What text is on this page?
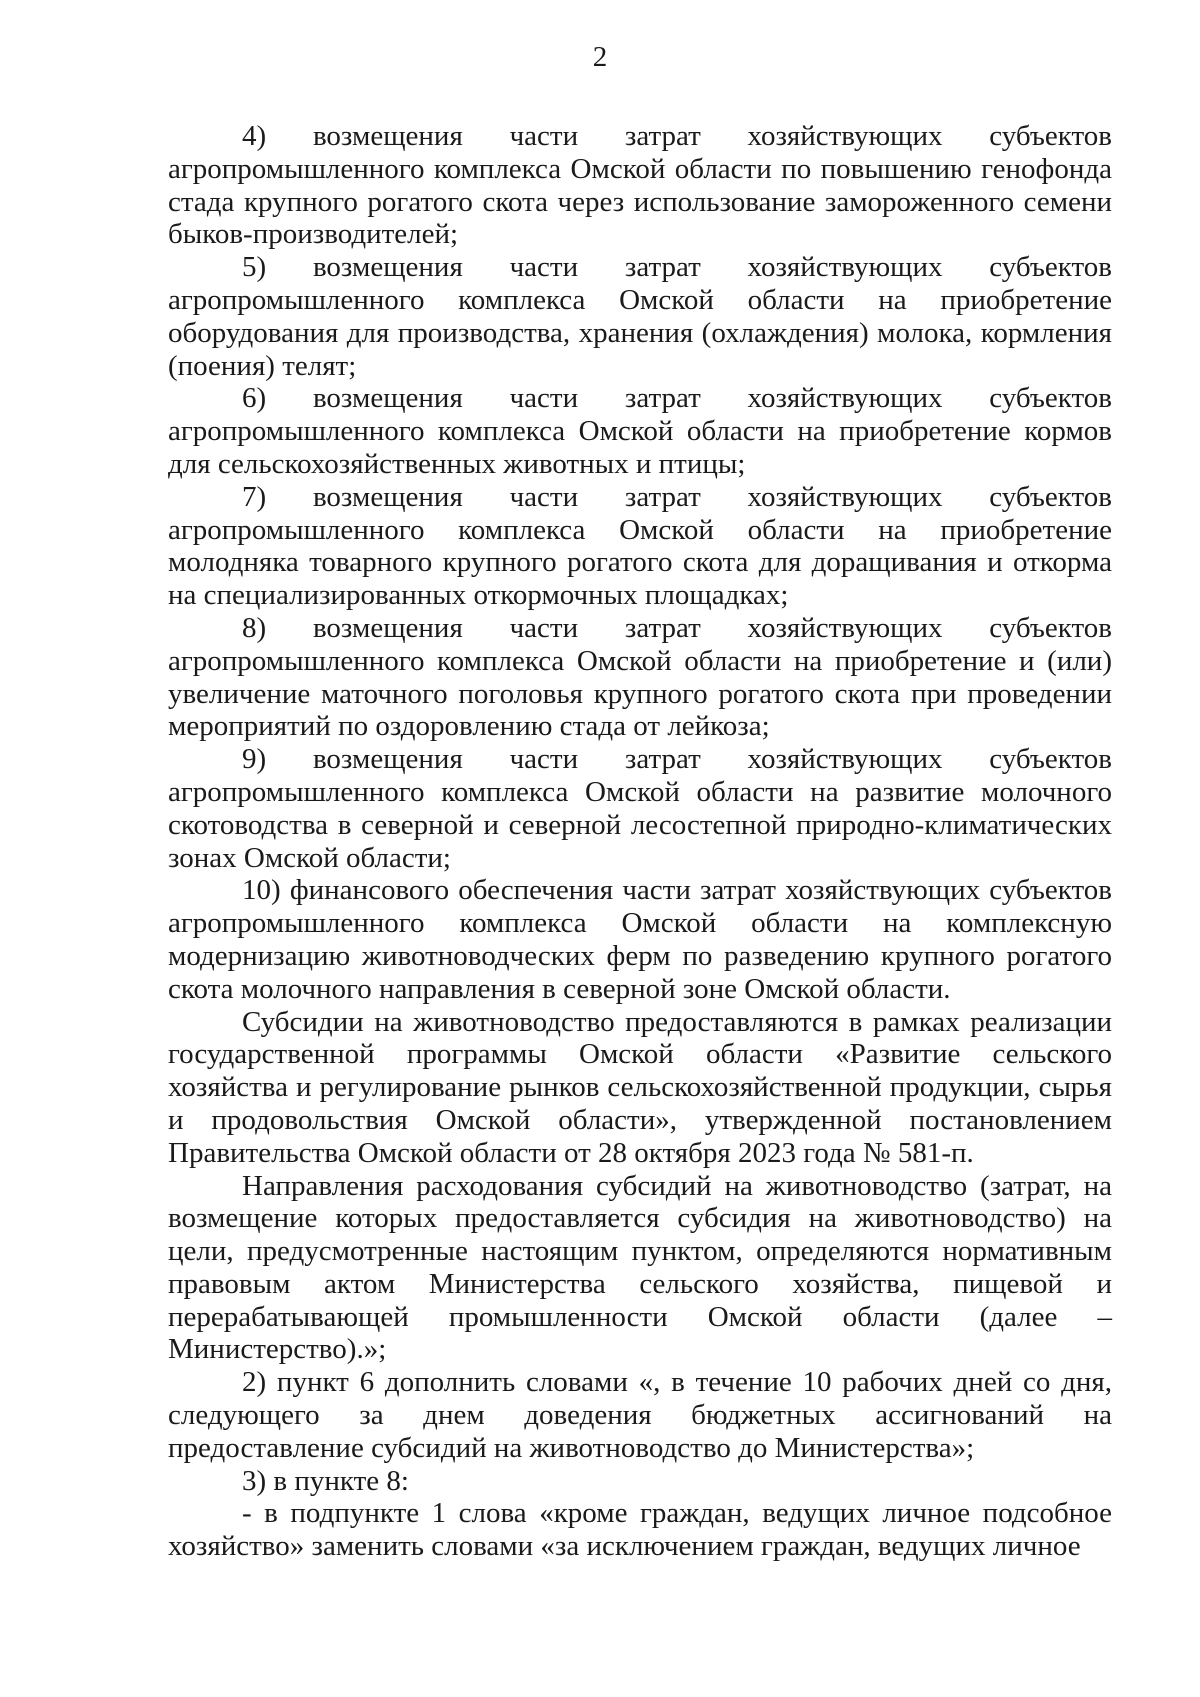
2

4) возмещения части затрат хозяйствующих субъектов агропромышленного комплекса Омской области по повышению генофонда стада крупного рогатого скота через использование замороженного семени быков-производителей;

5) возмещения части затрат хозяйствующих субъектов агропромышленного комплекса Омской области на приобретение оборудования для производства, хранения (охлаждения) молока, кормления (поения) телят;

6) возмещения части затрат хозяйствующих субъектов агропромышленного комплекса Омской области на приобретение кормов для сельскохозяйственных животных и птицы;

7) возмещения части затрат хозяйствующих субъектов агропромышленного комплекса Омской области на приобретение молодняка товарного крупного рогатого скота для доращивания и откорма на специализированных откормочных площадках;

8) возмещения части затрат хозяйствующих субъектов агропромышленного комплекса Омской области на приобретение и (или) увеличение маточного поголовья крупного рогатого скота при проведении мероприятий по оздоровлению стада от лейкоза;

9) возмещения части затрат хозяйствующих субъектов агропромышленного комплекса Омской области на развитие молочного скотоводства в северной и северной лесостепной природно-климатических зонах Омской области;

10) финансового обеспечения части затрат хозяйствующих субъектов агропромышленного комплекса Омской области на комплексную модернизацию животноводческих ферм по разведению крупного рогатого скота молочного направления в северной зоне Омской области.

Субсидии на животноводство предоставляются в рамках реализации государственной программы Омской области «Развитие сельского хозяйства и регулирование рынков сельскохозяйственной продукции, сырья и продовольствия Омской области», утвержденной постановлением Правительства Омской области от 28 октября 2023 года № 581-п.

Направления расходования субсидий на животноводство (затрат, на возмещение которых предоставляется субсидия на животноводство) на цели, предусмотренные настоящим пунктом, определяются нормативным правовым актом Министерства сельского хозяйства, пищевой и перерабатывающей промышленности Омской области (далее – Министерство).»;

2) пункт 6 дополнить словами «, в течение 10 рабочих дней со дня, следующего за днем доведения бюджетных ассигнований на предоставление субсидий на животноводство до Министерства»;

3) в пункте 8:

- в подпункте 1 слова «кроме граждан, ведущих личное подсобное хозяйство» заменить словами «за исключением граждан, ведущих личное
